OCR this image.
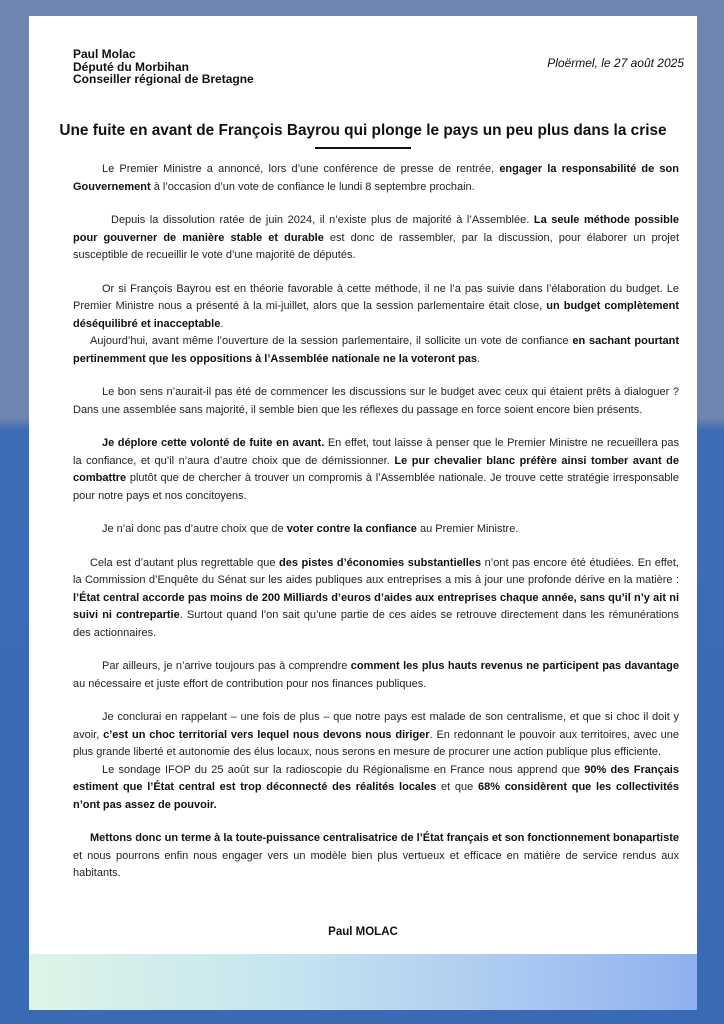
Paul Molac
Député du Morbihan
Conseiller régional de Bretagne
Ploërmel, le 27 août 2025
Une fuite en avant de François Bayrou qui plonge le pays un peu plus dans la crise

Le Premier Ministre a annoncé, lors d’une conférence de presse de rentrée, engager la responsabilité de son Gouvernement à l’occasion d’un vote de confiance le lundi 8 septembre prochain.

Depuis la dissolution ratée de juin 2024, il n’existe plus de majorité à l’Assemblée. La seule méthode possible pour gouverner de manière stable et durable est donc de rassembler, par la discussion, pour élaborer un projet susceptible de recueillir le vote d’une majorité de députés.

Or si François Bayrou est en théorie favorable à cette méthode, il ne l’a pas suivie dans l’élaboration du budget. Le Premier Ministre nous a présenté à la mi-juillet, alors que la session parlementaire était close, un budget complètement déséquilibré et inacceptable.

Aujourd’hui, avant même l’ouverture de la session parlementaire, il sollicite un vote de confiance en sachant pourtant pertinemment que les oppositions à l’Assemblée nationale ne la voteront pas.

Le bon sens n’aurait-il pas été de commencer les discussions sur le budget avec ceux qui étaient prêts à dialoguer ? Dans une assemblée sans majorité, il semble bien que les réflexes du passage en force soient encore bien présents.

Je déplore cette volonté de fuite en avant. En effet, tout laisse à penser que le Premier Ministre ne recueillera pas la confiance, et qu’il n’aura d’autre choix que de démissionner. Le pur chevalier blanc préfère ainsi tomber avant de combattre plutôt que de chercher à trouver un compromis à l’Assemblée nationale. Je trouve cette stratégie irresponsable pour notre pays et nos concitoyens.

Je n’ai donc pas d’autre choix que de voter contre la confiance au Premier Ministre.

Cela est d’autant plus regrettable que des pistes d’économies substantielles n’ont pas encore été étudiées. En effet, la Commission d’Enquête du Sénat sur les aides publiques aux entreprises a mis à jour une profonde dérive en la matière : l’État central accorde pas moins de 200 Milliards d’euros d’aides aux entreprises chaque année, sans qu’il n’y ait ni suivi ni contrepartie. Surtout quand l’on sait qu’une partie de ces aides se retrouve directement dans les rémunérations des actionnaires.

Par ailleurs, je n’arrive toujours pas à comprendre comment les plus hauts revenus ne participent pas davantage au nécessaire et juste effort de contribution pour nos finances publiques.

Je conclurai en rappelant – une fois de plus – que notre pays est malade de son centralisme, et que si choc il doit y avoir, c’est un choc territorial vers lequel nous devons nous diriger. En redonnant le pouvoir aux territoires, avec une plus grande liberté et autonomie des élus locaux, nous serons en mesure de procurer une action publique plus efficiente.

Le sondage IFOP du 25 août sur la radioscopie du Régionalisme en France nous apprend que 90% des Français estiment que l’État central est trop déconnecté des réalités locales et que 68% considèrent que les collectivités n’ont pas assez de pouvoir.

Mettons donc un terme à la toute-puissance centralisatrice de l’État français et son fonctionnement bonapartiste et nous pourrons enfin nous engager vers un modèle bien plus vertueux et efficace en matière de service rendus aux habitants.

Paul MOLAC
